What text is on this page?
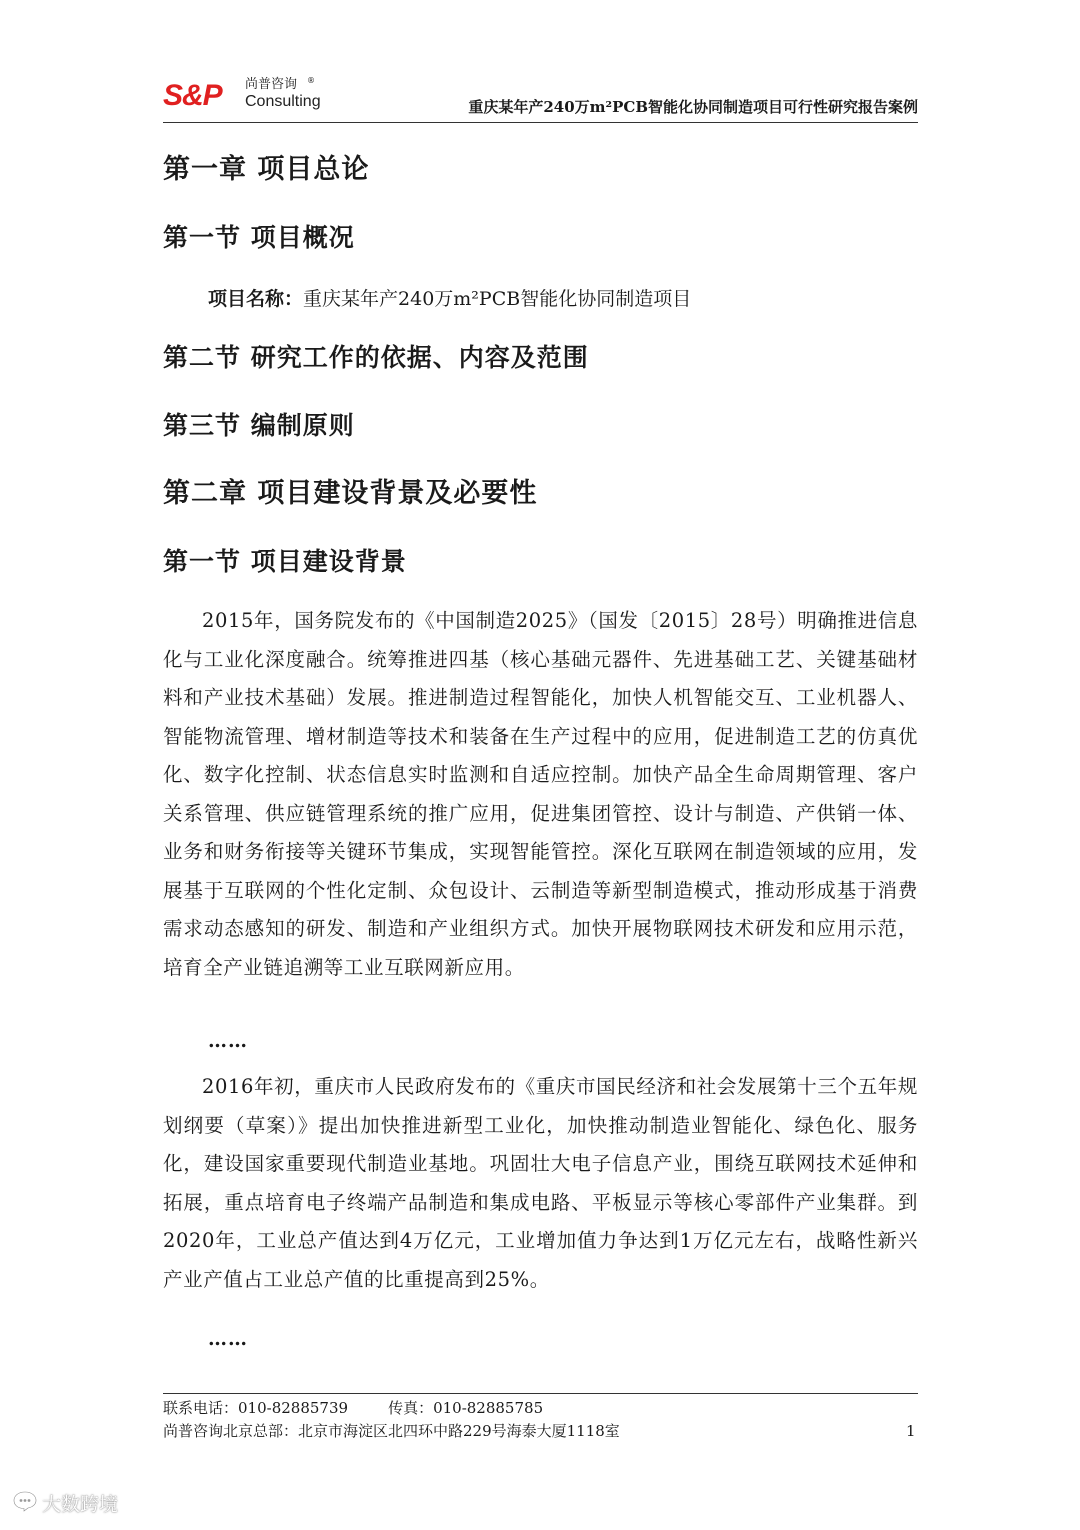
S&P 尚普咨询 ®
Consulting	重庆某年产240万m²PCB智能化协同制造项目可行性研究报告案例
第一章 项目总论
第一节 项目概况
项目名称：重庆某年产240万m²PCB智能化协同制造项目
第二节 研究工作的依据、内容及范围
第三节 编制原则
第二章 项目建设背景及必要性
第一节 项目建设背景
2015年，国务院发布的《中国制造2025》（国发〔2015〕28号）明确推进信息化与工业化深度融合。统筹推进四基（核心基础元器件、先进基础工艺、关键基础材料和产业技术基础）发展。推进制造过程智能化，加快人机智能交互、工业机器人、智能物流管理、增材制造等技术和装备在生产过程中的应用，促进制造工艺的仿真优化、数字化控制、状态信息实时监测和自适应控制。加快产品全生命周期管理、客户关系管理、供应链管理系统的推广应用，促进集团管控、设计与制造、产供销一体、业务和财务衔接等关键环节集成，实现智能管控。深化互联网在制造领域的应用，发展基于互联网的个性化定制、众包设计、云制造等新型制造模式，推动形成基于消费需求动态感知的研发、制造和产业组织方式。加快开展物联网技术研发和应用示范，培育全产业链追溯等工业互联网新应用。
……
2016年初，重庆市人民政府发布的《重庆市国民经济和社会发展第十三个五年规划纲要（草案）》提出加快推进新型工业化，加快推动制造业智能化、绿色化、服务化，建设国家重要现代制造业基地。巩固壮大电子信息产业，围绕互联网技术延伸和拓展，重点培育电子终端产品制造和集成电路、平板显示等核心零部件产业集群。到2020年，工业总产值达到4万亿元，工业增加值力争达到1万亿元左右，战略性新兴产业产值占工业总产值的比重提高到25%。
……
联系电话：010-82885739	传真：010-82885785
尚普咨询北京总部：北京市海淀区北四环中路229号海泰大厦1118室	1
大数跨境
